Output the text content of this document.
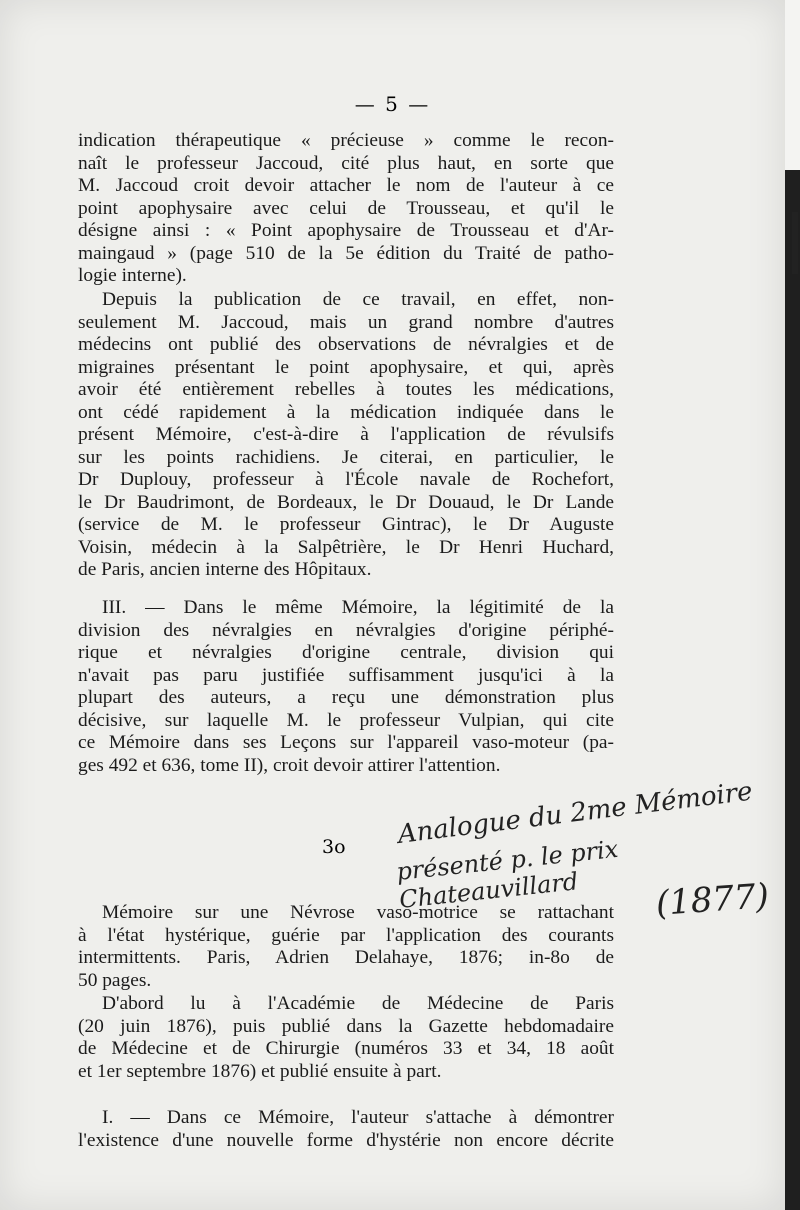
— 5 —
indication thérapeutique « précieuse » comme le recon-
naît le professeur Jaccoud, cité plus haut, en sorte que
M. Jaccoud croit devoir attacher le nom de l'auteur à ce
point apophysaire avec celui de Trousseau, et qu'il le
désigne ainsi : « Point apophysaire de Trousseau et d'Ar-
maingaud » (page 510 de la 5e édition du Traité de patho-
logie interne).
Depuis la publication de ce travail, en effet, non-
seulement M. Jaccoud, mais un grand nombre d'autres
médecins ont publié des observations de névralgies et de
migraines présentant le point apophysaire, et qui, après
avoir été entièrement rebelles à toutes les médications,
ont cédé rapidement à la médication indiquée dans le
présent Mémoire, c'est-à-dire à l'application de révulsifs
sur les points rachidiens. Je citerai, en particulier, le
Dr Duplouy, professeur à l'École navale de Rochefort,
le Dr Baudrimont, de Bordeaux, le Dr Douaud, le Dr Lande
(service de M. le professeur Gintrac), le Dr Auguste
Voisin, médecin à la Salpêtrière, le Dr Henri Huchard,
de Paris, ancien interne des Hôpitaux.
III. — Dans le même Mémoire, la légitimité de la
division des névralgies en névralgies d'origine périphé-
rique et névralgies d'origine centrale, division qui
n'avait pas paru justifiée suffisamment jusqu'ici à la
plupart des auteurs, a reçu une démonstration plus
décisive, sur laquelle M. le professeur Vulpian, qui cite
ce Mémoire dans ses Leçons sur l'appareil vaso-moteur (pa-
ges 492 et 636, tome II), croit devoir attirer l'attention.
3o Analogue du 2me Mémoire
présenté p. le prix Chateauvillard	(1877)
Mémoire sur une Névrose vaso-motrice se rattachant
à l'état hystérique, guérie par l'application des courants
intermittents. Paris, Adrien Delahaye, 1876; in-8o de
50 pages.
D'abord lu à l'Académie de Médecine de Paris
(20 juin 1876), puis publié dans la Gazette hebdomadaire
de Médecine et de Chirurgie (numéros 33 et 34, 18 août
et 1er septembre 1876) et publié ensuite à part.
I. — Dans ce Mémoire, l'auteur s'attache à démontrer
l'existence d'une nouvelle forme d'hystérie non encore décrite
